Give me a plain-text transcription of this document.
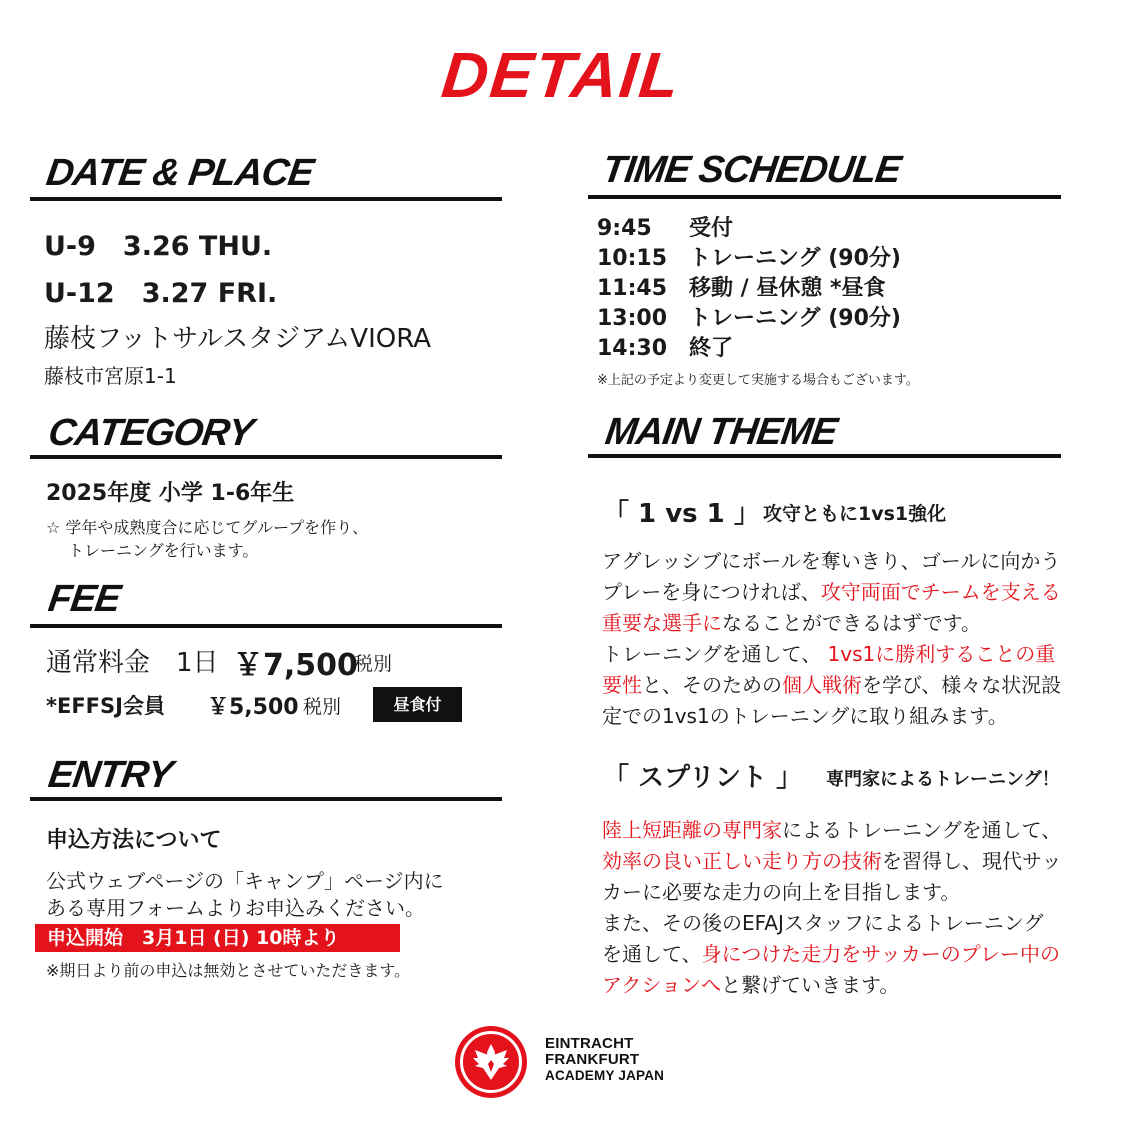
DETAIL
DATE & PLACE
U-9　3.26 THU.
U-12　3.27 FRI.
藤枝フットサルスタジアムVIORA
藤枝市宮原1-1
CATEGORY
2025年度 小学 1-6年生
☆ 学年や成熟度合に応じてグループを作り、
トレーニングを行います。
FEE
通常料金　1日 ￥7,500
税別
*EFFSJ会員 ￥5,500 税別	昼食付
ENTRY
申込方法について
公式ウェブページの「キャンプ」ページ内に
ある専用フォームよりお申込みください。
申込開始　3月1日 (日) 10時より
※期日より前の申込は無効とさせていただきます。
TIME SCHEDULE
9:45 受付
10:15 トレーニング (90分)
11:45 移動 / 昼休憩 *昼食
13:00 トレーニング (90分)
14:30 終了
※上記の予定より変更して実施する場合もございます。
MAIN THEME
「 1 vs 1 」 攻守ともに1vs1強化
アグレッシブにボールを奪いきり、ゴールに向かう
プレーを身につければ、攻守両面でチームを支える
重要な選手になることができるはずです。
トレーニングを通して、 1vs1に勝利することの重
要性と、そのための個人戦術を学び、様々な状況設
定での1vs1のトレーニングに取り組みます。
「 スプリント 」 専門家によるトレーニング！
陸上短距離の専門家によるトレーニングを通して、
効率の良い正しい走り方の技術を習得し、現代サッ
カーに必要な走力の向上を目指します。
また、その後のEFAJスタッフによるトレーニング
を通して、身につけた走力をサッカーのプレー中の
アクションへと繋げていきます。
EINTRACHT
FRANKFURT
ACADEMY JAPAN
